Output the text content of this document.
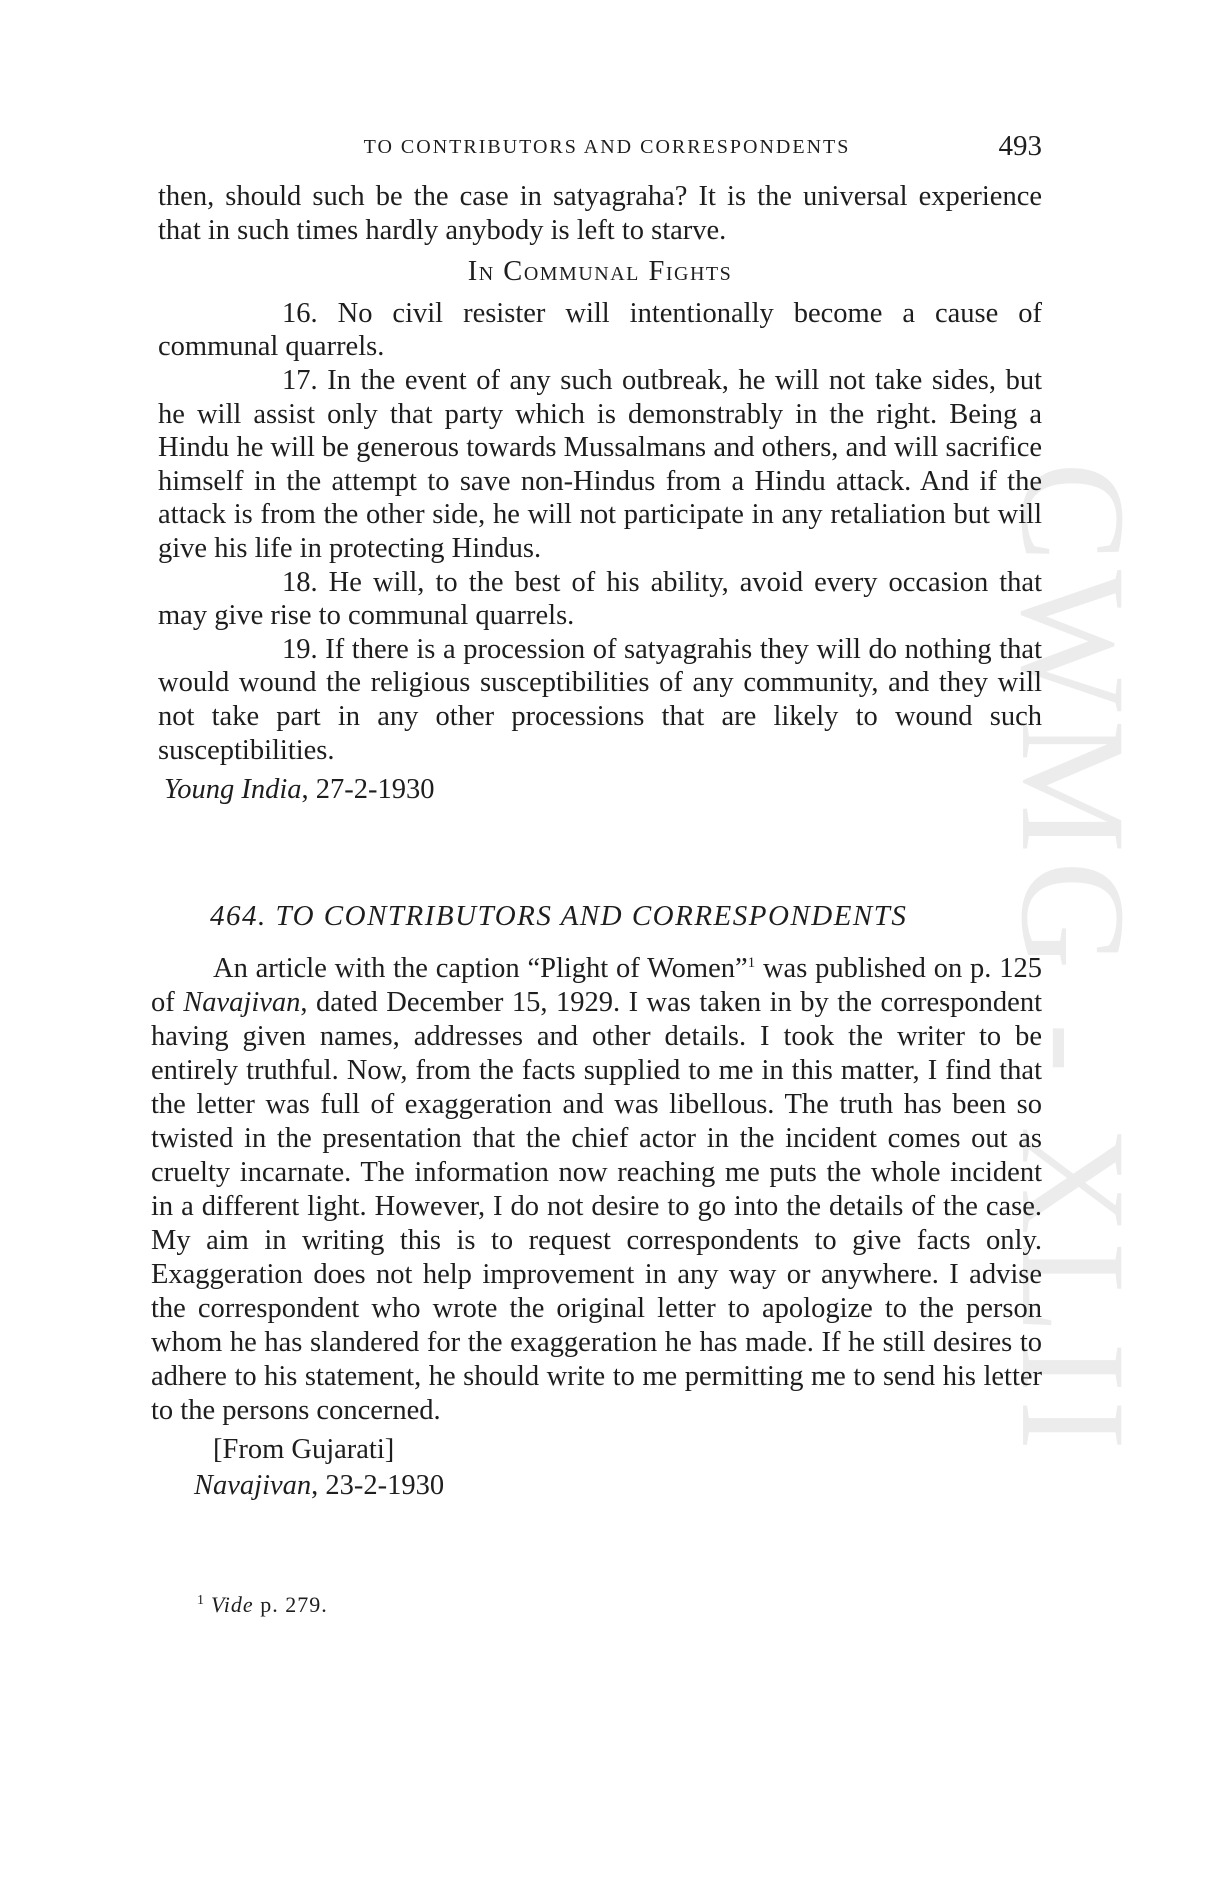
CWMG - XLII
TO CONTRIBUTORS AND CORRESPONDENTS	493

then, should such be the case in satyagraha? It is the universal experience that in such times hardly anybody is left to starve.

In Communal Fights

16. No civil resister will intentionally become a cause of communal quarrels.

17. In the event of any such outbreak, he will not take sides, but he will assist only that party which is demonstrably in the right. Being a Hindu he will be generous towards Mussalmans and others, and will sacrifice himself in the attempt to save non-Hindus from a Hindu attack. And if the attack is from the other side, he will not participate in any retaliation but will give his life in protecting Hindus.

18. He will, to the best of his ability, avoid every occasion that may give rise to communal quarrels.

19. If there is a procession of satyagrahis they will do nothing that would wound the religious susceptibilities of any community, and they will not take part in any other processions that are likely to wound such susceptibilities.

Young India, 27-2-1930

464. TO CONTRIBUTORS AND CORRESPONDENTS

An article with the caption “Plight of Women”$^1$ was published on p. 125 of Navajivan, dated December 15, 1929. I was taken in by the correspondent having given names, addresses and other details. I took the writer to be entirely truthful. Now, from the facts supplied to me in this matter, I find that the letter was full of exaggeration and was libellous. The truth has been so twisted in the presentation that the chief actor in the incident comes out as cruelty incarnate. The information now reaching me puts the whole incident in a different light. However, I do not desire to go into the details of the case. My aim in writing this is to request correspondents to give facts only. Exaggeration does not help improvement in any way or anywhere. I advise the correspondent who wrote the original letter to apologize to the person whom he has slandered for the exaggeration he has made. If he still desires to adhere to his statement, he should write to me permitting me to send his letter to the persons concerned.

[From Gujarati]

Navajivan, 23-2-1930

$^1$ Vide p. 279.
